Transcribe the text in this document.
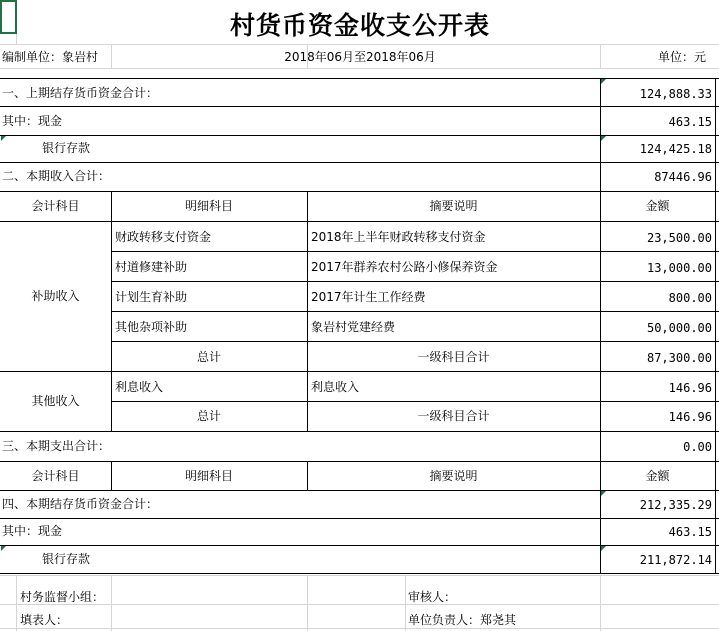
村货币资金收支公开表
编制单位：象岩村	2018年06月至2018年06月	单位：元
一、上期结存货币资金合计：	124,888.33
其中：现金	463.15
银行存款	124,425.18
二、本期收入合计：	87446.96
会计科目	明细科目	摘要说明	金额
补助收入
财政转移支付资金	2018年上半年财政转移支付资金	23,500.00
村道修建补助	2017年群养农村公路小修保养资金	13,000.00
计划生育补助	2017年计生工作经费	800.00
其他杂项补助	象岩村党建经费	50,000.00
总计	一级科目合计	87,300.00
其他收入
利息收入	利息收入	146.96
总计	一级科目合计	146.96
三、本期支出合计：	0.00
会计科目	明细科目	摘要说明	金额
四、本期结存货币资金合计：	212,335.29
其中：现金	463.15
银行存款	211,872.14
村务监督小组：	审核人：
填表人：	单位负责人：郑尧其
